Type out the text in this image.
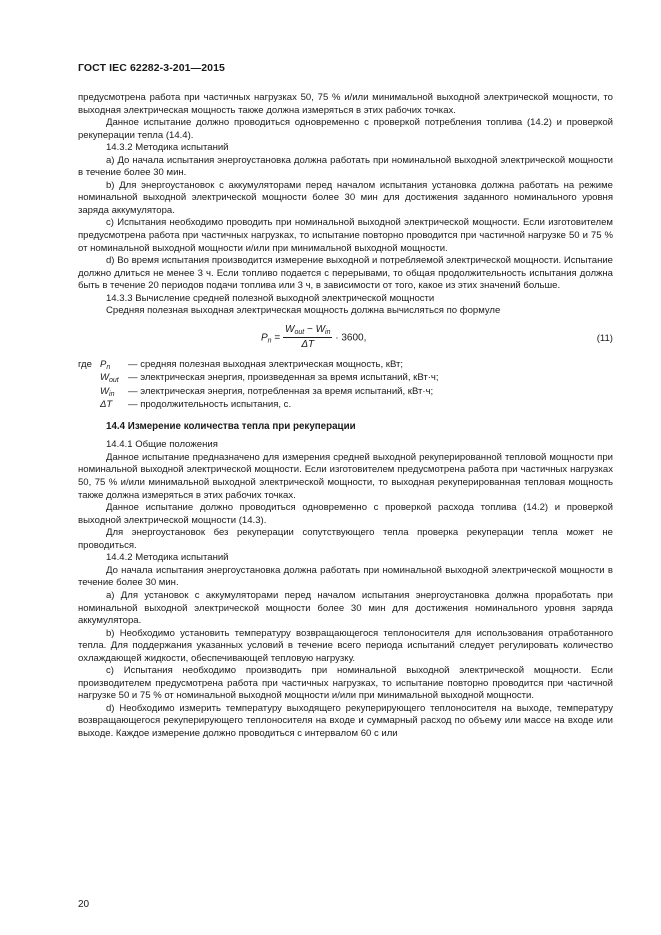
ГОСТ IEC 62282-3-201—2015

предусмотрена работа при частичных нагрузках 50, 75 % и/или минимальной выходной электрической мощности, то выходная электрическая мощность также должна измеряться в этих рабочих точках.

Данное испытание должно проводиться одновременно с проверкой потребления топлива (14.2) и проверкой рекуперации тепла (14.4).

14.3.2 Методика испытаний

a) До начала испытания энергоустановка должна работать при номинальной выходной электрической мощности в течение более 30 мин.

b) Для энергоустановок с аккумуляторами перед началом испытания установка должна работать на режиме номинальной выходной электрической мощности более 30 мин для достижения заданного номинального уровня заряда аккумулятора.

c) Испытания необходимо проводить при номинальной выходной электрической мощности. Если изготовителем предусмотрена работа при частичных нагрузках, то испытание повторно проводится при частичной нагрузке 50 и 75 % от номинальной выходной мощности и/или при минимальной выходной мощности.

d) Во время испытания производится измерение выходной и потребляемой электрической мощности. Испытание должно длиться не менее 3 ч. Если топливо подается с перерывами, то общая продолжительность испытания должна быть в течение 20 периодов подачи топлива или 3 ч, в зависимости от того, какое из этих значений больше.

14.3.3 Вычисление средней полезной выходной электрической мощности

Средняя полезная выходная электрическая мощность должна вычисляться по формуле

$P_n = \frac{W_{out} - W_{in}}{\Delta T} \cdot 3600$,	(11)
где $P_n$	— средняя полезная выходная электрическая мощность, кВт;
$W_{out}$ — электрическая энергия, произведенная за время испытаний, кВт·ч;
$W_{in}$	— электрическая энергия, потребленная за время испытаний, кВт·ч;
ΔT	— продолжительность испытания, с.
14.4 Измерение количества тепла при рекуперации

14.4.1 Общие положения

Данное испытание предназначено для измерения средней выходной рекуперированной тепловой мощности при номинальной выходной электрической мощности. Если изготовителем предусмотрена работа при частичных нагрузках 50, 75 % и/или минимальной выходной электрической мощности, то выходная рекуперированная тепловая мощность также должна измеряться в этих рабочих точках.

Данное испытание должно проводиться одновременно с проверкой расхода топлива (14.2) и проверкой выходной электрической мощности (14.3).

Для энергоустановок без рекуперации сопутствующего тепла проверка рекуперации тепла может не проводиться.

14.4.2 Методика испытаний

До начала испытания энергоустановка должна работать при номинальной выходной электрической мощности в течение более 30 мин.

a) Для установок с аккумуляторами перед началом испытания энергоустановка должна проработать при номинальной выходной электрической мощности более 30 мин для достижения номинального уровня заряда аккумулятора.

b) Необходимо установить температуру возвращающегося теплоносителя для использования отработанного тепла. Для поддержания указанных условий в течение всего периода испытаний следует регулировать количество охлаждающей жидкости, обеспечивающей тепловую нагрузку.

c) Испытания необходимо производить при номинальной выходной электрической мощности. Если производителем предусмотрена работа при частичных нагрузках, то испытание повторно проводится при частичной нагрузке 50 и 75 % от номинальной выходной мощности и/или при минимальной выходной мощности.

d) Необходимо измерить температуру выходящего рекуперирующего теплоносителя на выходе, температуру возвращающегося рекуперирующего теплоносителя на входе и суммарный расход по объему или массе на входе или выходе. Каждое измерение должно проводиться с интервалом 60 с или

20
